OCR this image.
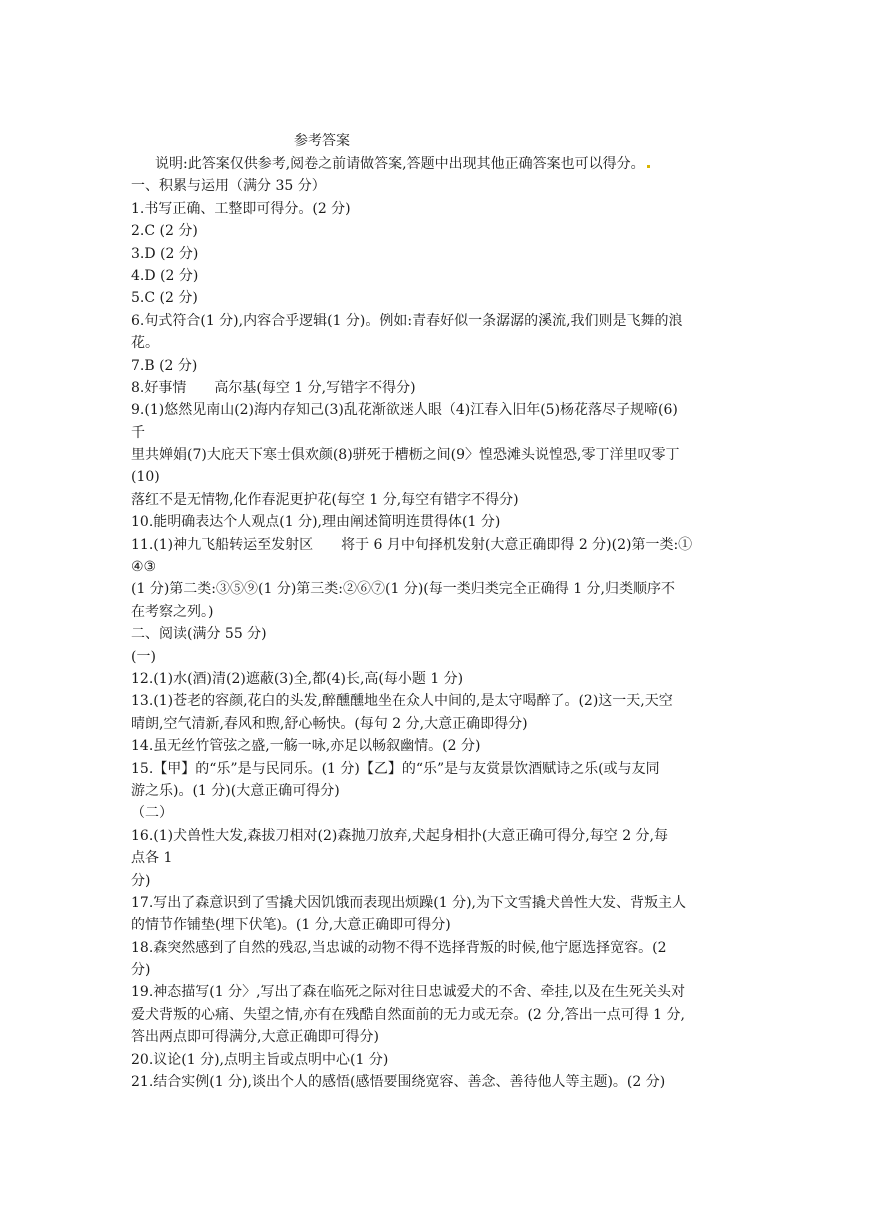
参考答案
说明:此答案仅供参考,阅卷之前请做答案,答题中出现其他正确答案也可以得分。
一、积累与运用（满分 35 分）
1.书写正确、工整即可得分。(2 分)
2.C (2 分)
3.D (2 分)
4.D (2 分)
5.C (2 分)
6.句式符合(1 分),内容合乎逻辑(1 分)。例如:青春好似一条潺潺的溪流,我们则是飞舞的浪
花。
7.B (2 分)
8.好事情　　高尔基(每空 1 分,写错字不得分)
9.(1)悠然见南山(2)海内存知己(3)乱花渐欲迷人眼（4)江春入旧年(5)杨花落尽子规啼(6)
千
里共婵娟(7)大庇天下寒士俱欢颜(8)骈死于槽枥之间(9〉惶恐滩头说惶恐,零丁洋里叹零丁
(10)
落红不是无情物,化作春泥更护花(每空 1 分,每空有错字不得分)
10.能明确表达个人观点(1 分),理由阐述简明连贯得体(1 分)
11.(1)神九飞船转运至发射区　　将于 6 月中旬择机发射(大意正确即得 2 分)(2)第一类:①
④③
(1 分)第二类:③⑤⑨(1 分)第三类:②⑥⑦(1 分)(每一类归类完全正确得 1 分,归类顺序不
在考察之列。)
二、阅读(满分 55 分)
(一)
12.(1)水(酒)清(2)遮蔽(3)全,都(4)长,高(每小题 1 分)
13.(1)苍老的容颜,花白的头发,醉醺醺地坐在众人中间的,是太守喝醉了。(2)这一天,天空
晴朗,空气清新,春风和煦,舒心畅快。(每句 2 分,大意正确即得分)
14.虽无丝竹管弦之盛,一觞一咏,亦足以畅叙幽情。(2 分)
15.【甲】的“乐”是与民同乐。(1 分)【乙】的“乐”是与友赏景饮酒赋诗之乐(或与友同
游之乐)。(1 分)(大意正确可得分)
（二）
16.(1)犬兽性大发,森拔刀相对(2)森抛刀放弃,犬起身相扑(大意正确可得分,每空 2 分,每
点各 1
分)
17.写出了森意识到了雪撬犬因饥饿而表现出烦躁(1 分),为下文雪撬犬兽性大发、背叛主人
的情节作铺垫(埋下伏笔)。(1 分,大意正确即可得分)
18.森突然感到了自然的残忍,当忠诚的动物不得不选择背叛的时候,他宁愿选择宽容。(2
分)
19.神态描写(1 分〉,写出了森在临死之际对往日忠诚爱犬的不舍、牵挂,以及在生死关头对
爱犬背叛的心痛、失望之情,亦有在残酷自然面前的无力或无奈。(2 分,答出一点可得 1 分,
答出两点即可得满分,大意正确即可得分)
20.议论(1 分),点明主旨或点明中心(1 分)
21.结合实例(1 分),谈出个人的感悟(感悟要围绕宽容、善念、善待他人等主题)。(2 分)
